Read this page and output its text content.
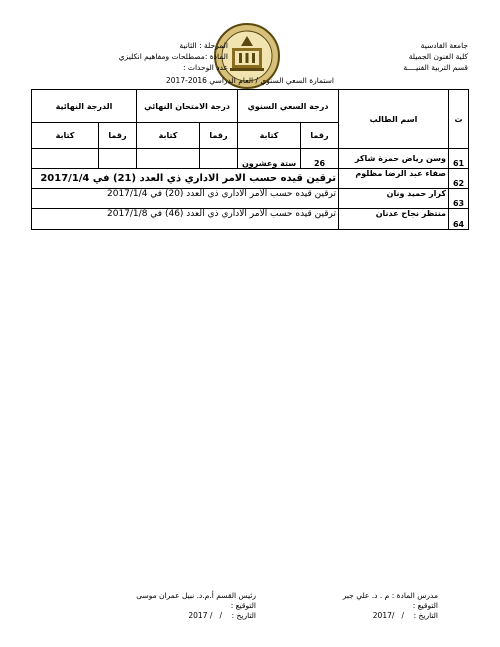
جامعة القادسية
كلية الفنون الجميلة
قسم التربية الفنيــــة
المرحلة : الثانية
المادة :مصطلحات ومفاهيم انكليزي
عدد الوحدات :
استمارة السعي السنوي / العام الدراسي 2016-2017
ت	اسم الطالب	درجة السعي السنوي		درجة الامتحان النهائي		الدرجة النهائية	
		رقما	كتابة	رقما	كتابة	رقما	كتابة
61	وسن رياض حمزة شاكر	26	ستة وعشرون				
62	صفاء عبد الرضا مظلوم	ترقين قيده حسب الامر الاداري ذي العدد (21) في 2017/1/4					
63	كرار حميد ونان	ترقين قيده حسب الامر الاداري ذي العدد (20) في 2017/1/4					
64	منتظر نجاح عدنان	ترقين قيده حسب الامر الاداري ذي العدد (46) في 2017/1/8					
مدرس المادة : م . د. علي جبر
التوقيع :
التاريخ :    /   /2017
رئيس القسم أ.م.د. نبيل عمران موسى
التوقيع :
التاريخ :    /   / 2017
